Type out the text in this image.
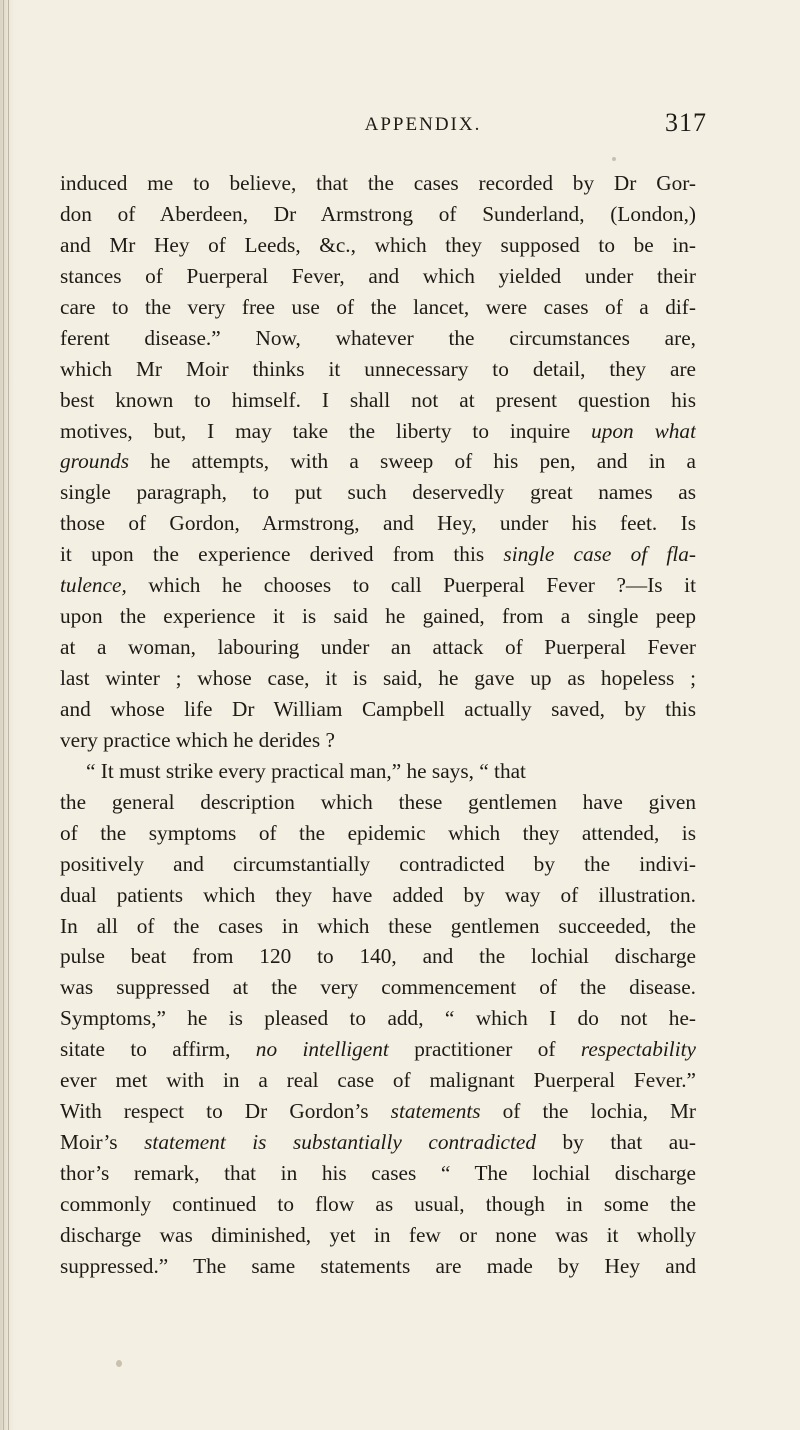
APPENDIX.	317
induced me to believe, that the cases recorded by Dr Gor-
don of Aberdeen, Dr Armstrong of Sunderland, (London,)
and Mr Hey of Leeds, &c., which they supposed to be in-
stances of Puerperal Fever, and which yielded under their
care to the very free use of the lancet, were cases of a dif-
ferent disease.” Now, whatever the circumstances are,
which Mr Moir thinks it unnecessary to detail, they are
best known to himself. I shall not at present question his
motives, but, I may take the liberty to inquire upon what
grounds he attempts, with a sweep of his pen, and in a
single paragraph, to put such deservedly great names as
those of Gordon, Armstrong, and Hey, under his feet. Is
it upon the experience derived from this single case of fla-
tulence, which he chooses to call Puerperal Fever ?—Is it
upon the experience it is said he gained, from a single peep
at a woman, labouring under an attack of Puerperal Fever
last winter ; whose case, it is said, he gave up as hopeless ;
and whose life Dr William Campbell actually saved, by this
very practice which he derides ?
“ It must strike every practical man,” he says, “ that
the general description which these gentlemen have given
of the symptoms of the epidemic which they attended, is
positively and circumstantially contradicted by the indivi-
dual patients which they have added by way of illustration.
In all of the cases in which these gentlemen succeeded, the
pulse beat from 120 to 140, and the lochial discharge
was suppressed at the very commencement of the disease.
Symptoms,” he is pleased to add, “ which I do not he-
sitate to affirm, no intelligent practitioner of respectability
ever met with in a real case of malignant Puerperal Fever.”
With respect to Dr Gordon’s statements of the lochia, Mr
Moir’s statement is substantially contradicted by that au-
thor’s remark, that in his cases “ The lochial discharge
commonly continued to flow as usual, though in some the
discharge was diminished, yet in few or none was it wholly
suppressed.” The same statements are made by Hey and
